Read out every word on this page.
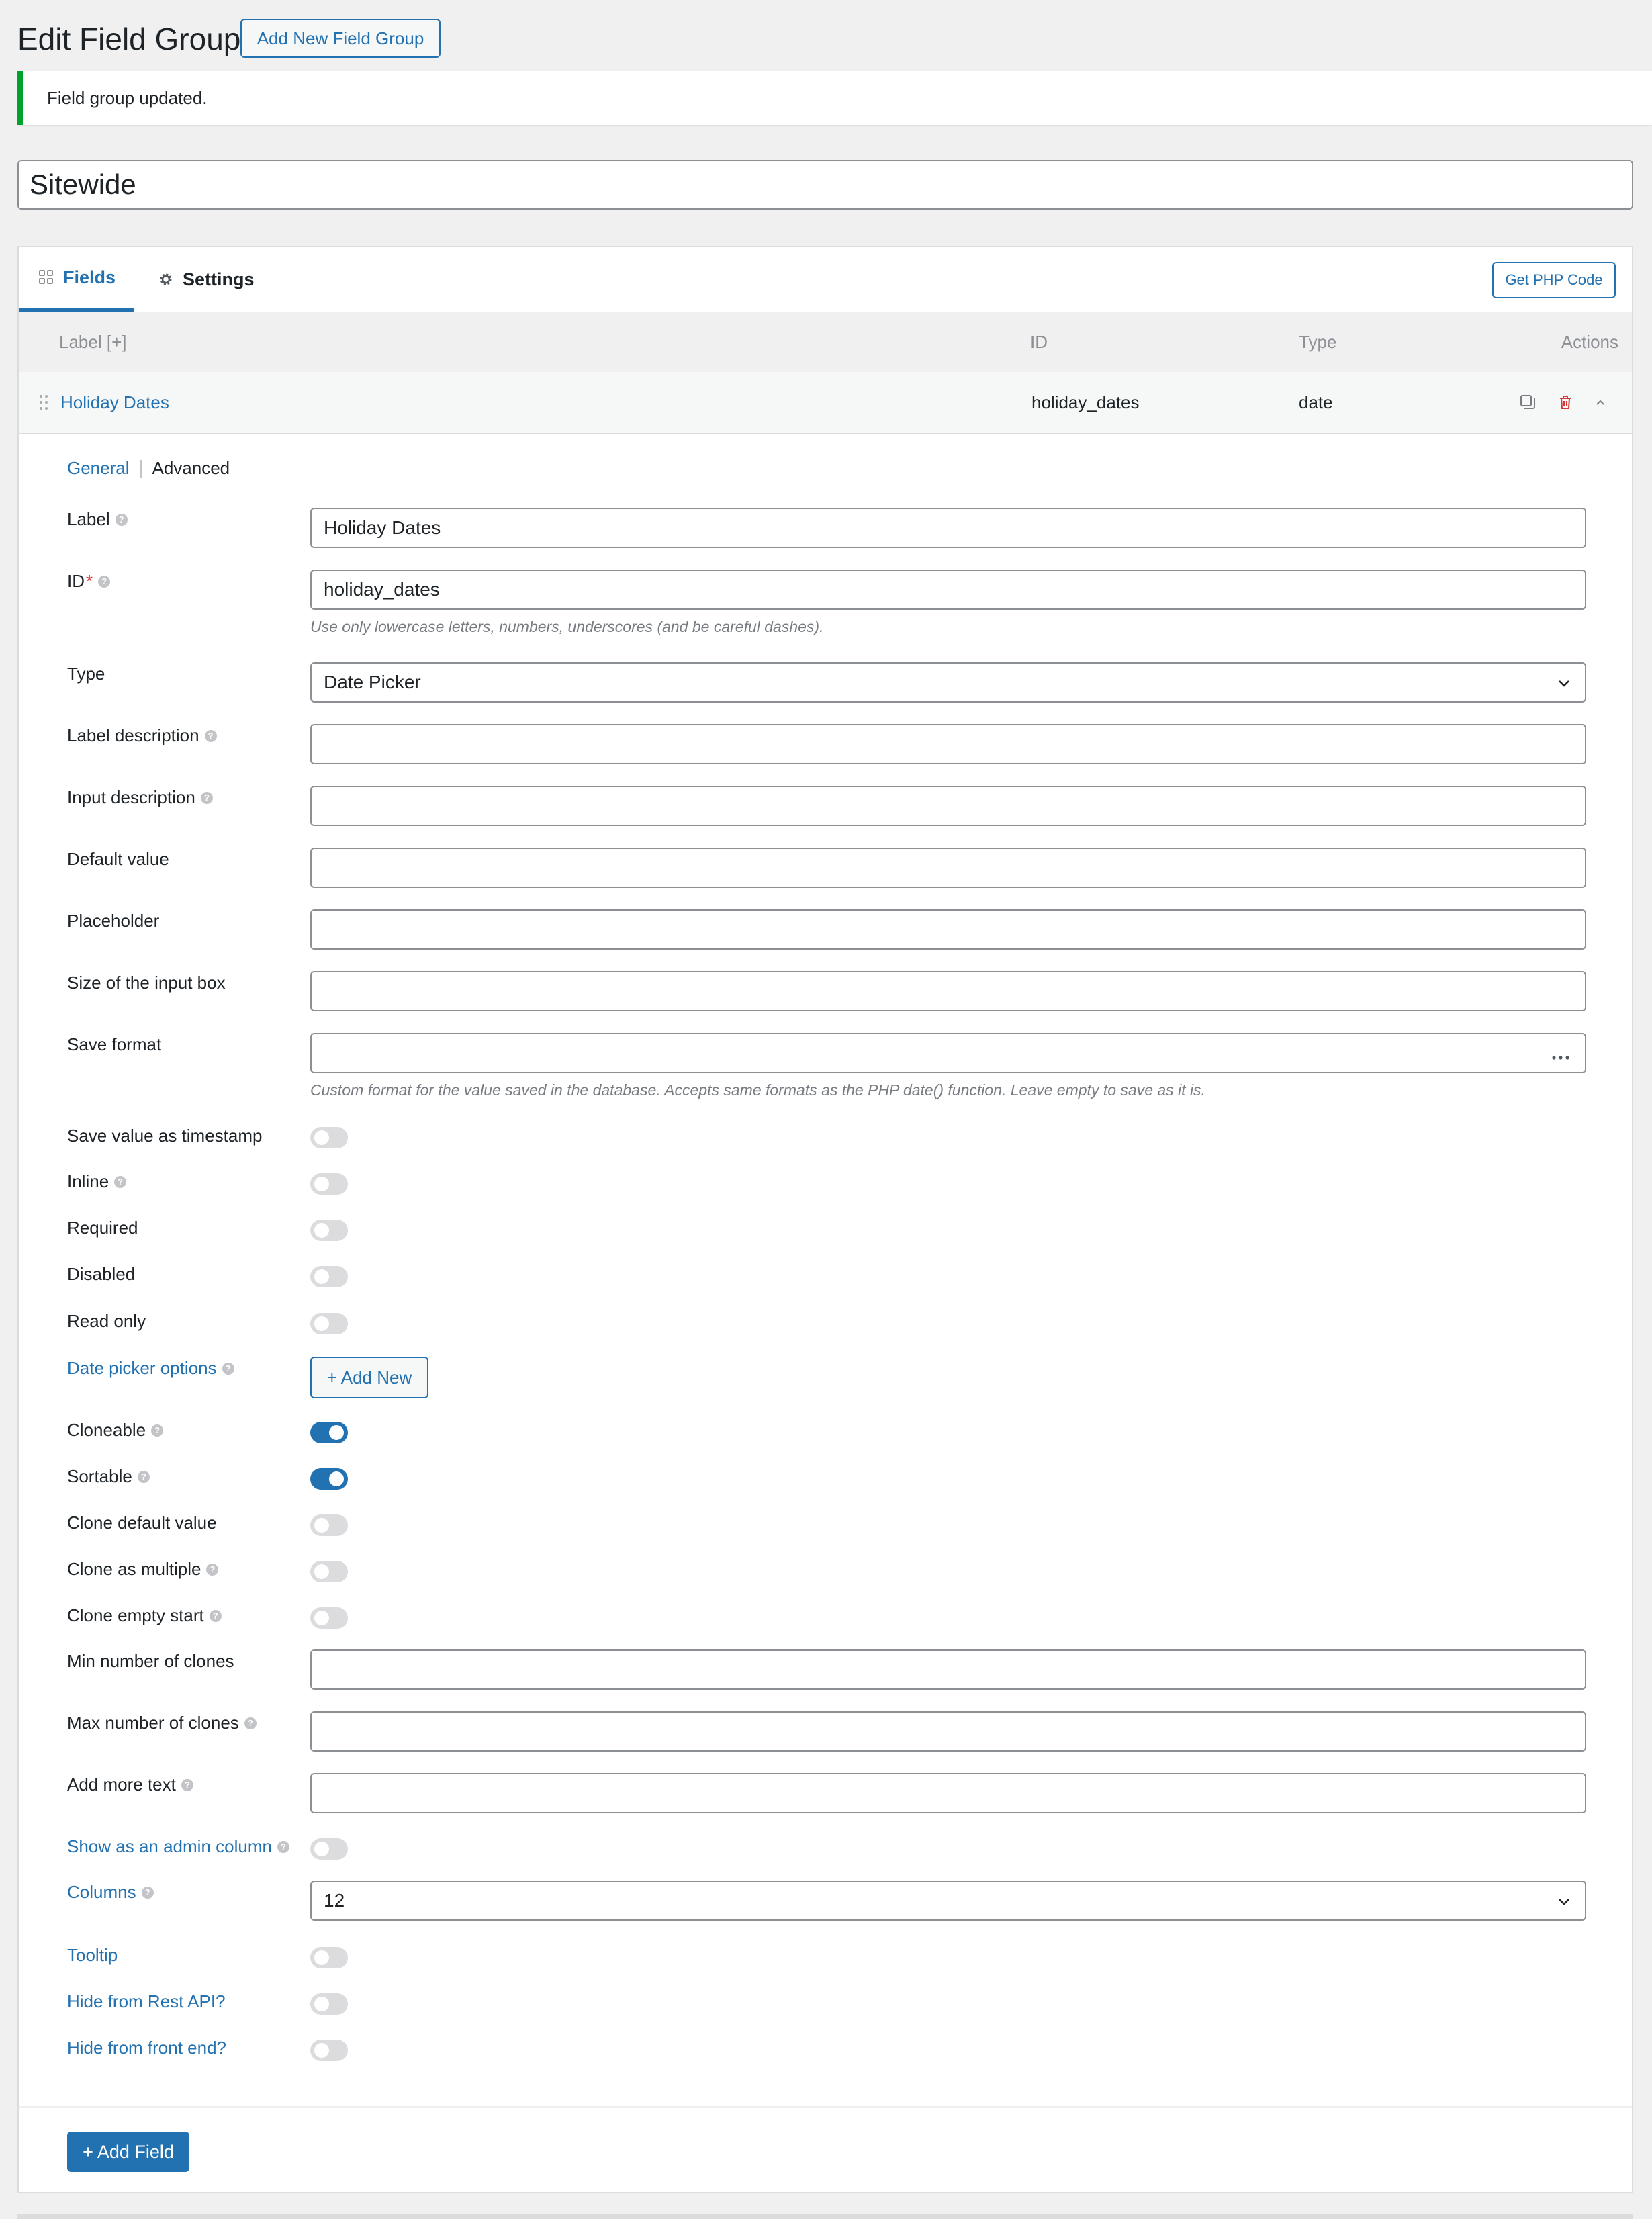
Edit Field Group Add New Field Group
Field group updated.
Sitewide
Fields	Settings	Get PHP Code
Label [+]	ID	Type	Actions
Holiday Dates	holiday_dates	date
General Advanced
Label	?	Holiday Dates
ID *	?	holiday_dates
Use only lowercase letters, numbers, underscores (and be careful dashes).
Type	Date Picker
Label description	?
Input description	?
Default value
Placeholder
Size of the input box
Save format
Custom format for the value saved in the database. Accepts same formats as the PHP date() function. Leave empty to save as it is.
Save value as timestamp
Inline	?
Required
Disabled
Read only
Date picker options	?	+ Add New
Cloneable	?
Sortable	?
Clone default value
Clone as multiple	?
Clone empty start	?
Min number of clones
Max number of clones	?
Add more text	?
Show as an admin column	?
Columns	?	12
Tooltip
Hide from Rest API?
Hide from front end?
+ Add Field
